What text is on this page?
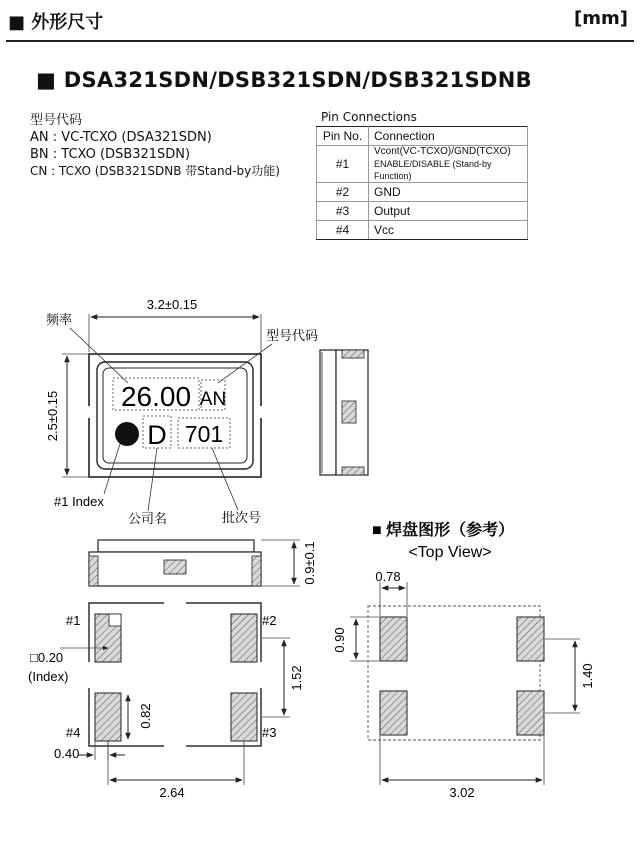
■ 外形尺寸	[mm]
■ DSA321SDN/DSB321SDN/DSB321SDNB
型号代码
AN : VC-TCXO (DSA321SDN)
BN : TCXO (DSB321SDN)
CN : TCXO (DSB321SDNB 带Stand-by功能)
Pin Connections
Pin No.	Connection
#1	Vcont(VC-TCXO)/GND(TCXO)
ENABLE/DISABLE (Stand-by Function)

#2	GND
#3	Output
#4	Vcc
3.2±0.15
2.5±0.15 26.00 AN
D 701
频率
型号代码
#1 Index
公司名	批次号
0.9±0.1
#1	#2
#4	#3
□0.20
(Index)	1.52
0.82
0.40
2.64
■ 焊盘图形（参考）
<Top View>
0.78
0.90
1.40
3.02
